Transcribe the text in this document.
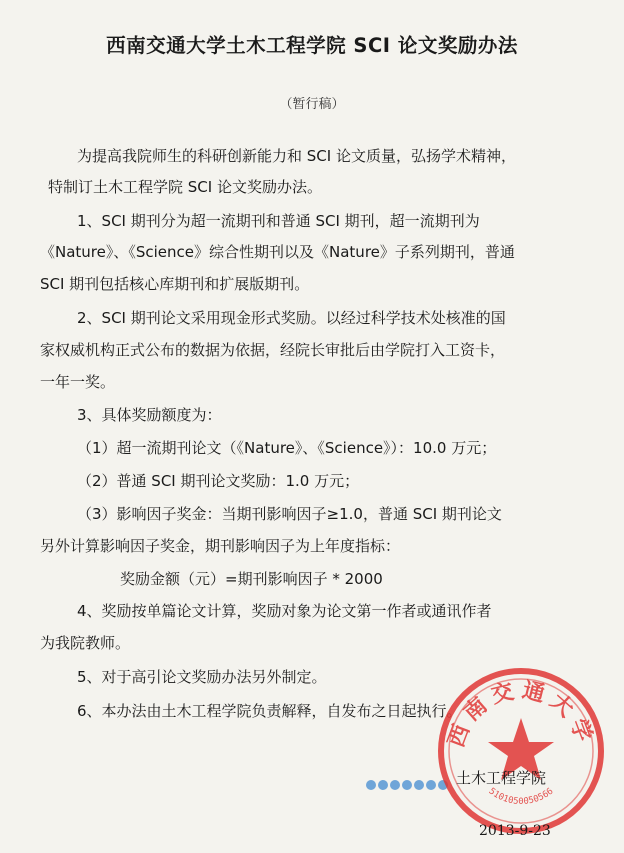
西南交通大学土木工程学院 SCI 论文奖励办法
（暂行稿）
为提高我院师生的科研创新能力和 SCI 论文质量，弘扬学术精神，
特制订土木工程学院 SCI 论文奖励办法。
1、SCI 期刊分为超一流期刊和普通 SCI 期刊，超一流期刊为
《Nature》、《Science》综合性期刊以及《Nature》子系列期刊，普通
SCI 期刊包括核心库期刊和扩展版期刊。
2、SCI 期刊论文采用现金形式奖励。以经过科学技术处核准的国
家权威机构正式公布的数据为依据，经院长审批后由学院打入工资卡，
一年一奖。
3、具体奖励额度为：
（1）超一流期刊论文（《Nature》、《Science》）：10.0 万元；
（2）普通 SCI 期刊论文奖励：1.0 万元；
（3）影响因子奖金：当期刊影响因子≥1.0，普通 SCI 期刊论文
另外计算影响因子奖金，期刊影响因子为上年度指标：
奖励金额（元）=期刊影响因子 * 2000
4、奖励按单篇论文计算，奖励对象为论文第一作者或通讯作者
为我院教师。
5、对于高引论文奖励办法另外制定。
6、本办法由土木工程学院负责解释，自发布之日起执行。
西南交通大学
5101050050566
土木工程学院
2013-9-23
